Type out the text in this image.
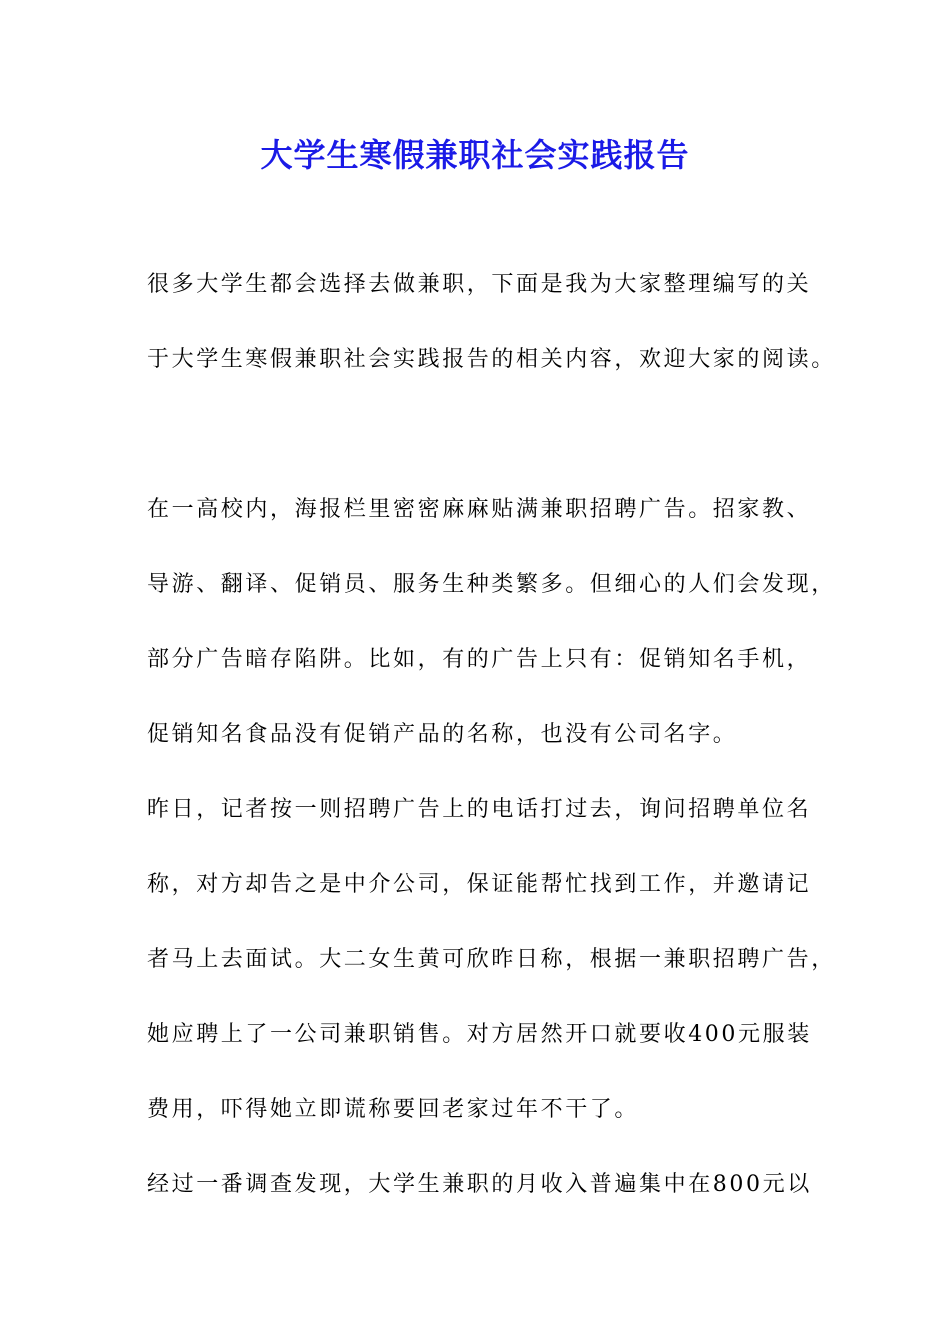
大学生寒假兼职社会实践报告
很多大学生都会选择去做兼职，下面是我为大家整理编写的关
于大学生寒假兼职社会实践报告的相关内容，欢迎大家的阅读。
在一高校内，海报栏里密密麻麻贴满兼职招聘广告。招家教、
导游、翻译、促销员、服务生种类繁多。但细心的人们会发现，
部分广告暗存陷阱。比如，有的广告上只有：促销知名手机，
促销知名食品没有促销产品的名称，也没有公司名字。
昨日，记者按一则招聘广告上的电话打过去，询问招聘单位名
称，对方却告之是中介公司，保证能帮忙找到工作，并邀请记
者马上去面试。大二女生黄可欣昨日称，根据一兼职招聘广告，
她应聘上了一公司兼职销售。对方居然开口就要收400元服装
费用，吓得她立即谎称要回老家过年不干了。
经过一番调查发现，大学生兼职的月收入普遍集中在800元以
